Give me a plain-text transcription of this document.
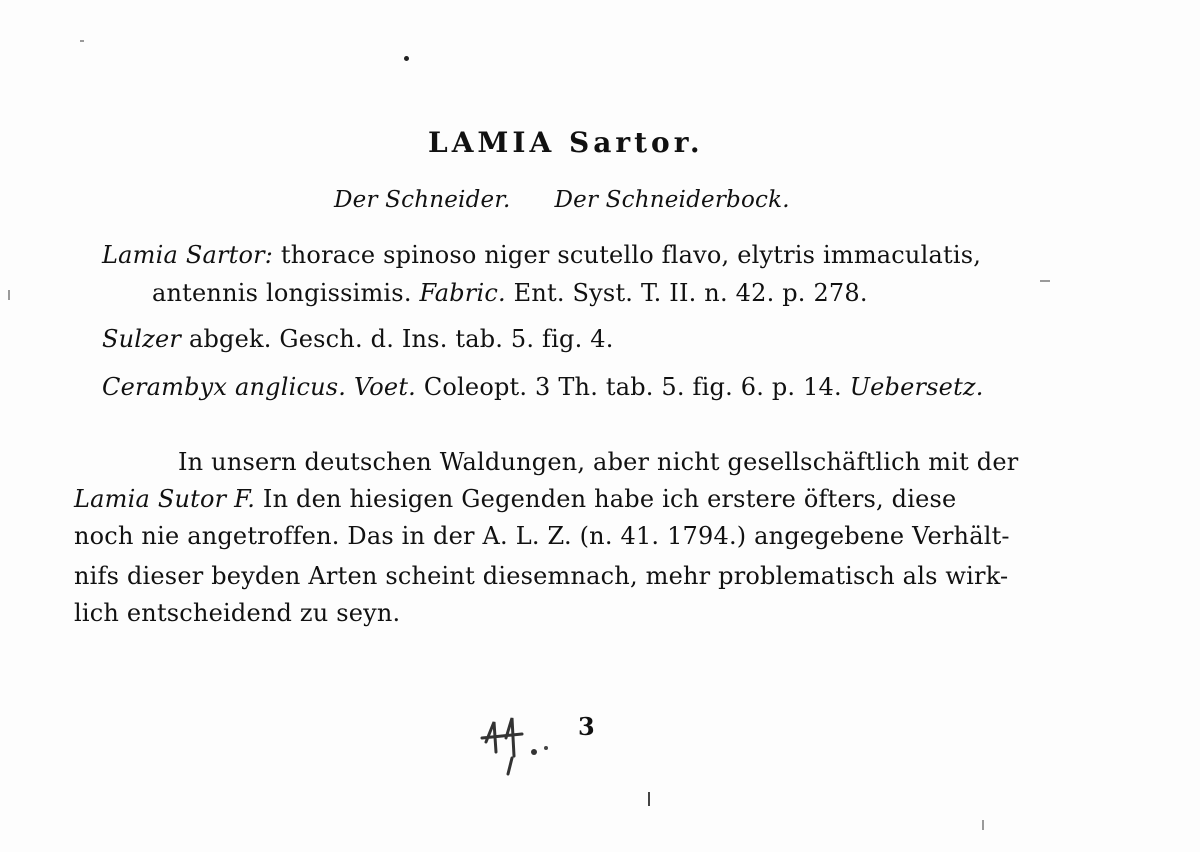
LAMIA Sartor.
Der Schneider. Der Schneiderbock.
Lamia Sartor: thorace spinoso niger scutello flavo, elytris immaculatis,
antennis longissimis. Fabric. Ent. Syst. T. II. n. 42. p. 278.
Sulzer abgek. Gesch. d. Ins. tab. 5. fig. 4.
Cerambyx anglicus. Voet. Coleopt. 3 Th. tab. 5. fig. 6. p. 14. Uebersetz.
In unsern deutschen Waldungen, aber nicht gesellschäftlich mit der
Lamia Sutor F. In den hiesigen Gegenden habe ich erstere öfters, diese
noch nie angetroffen. Das in der A. L. Z. (n. 41. 1794.) angegebene Verhält-
nifs dieser beyden Arten scheint diesemnach, mehr problematisch als wirk-
lich entscheidend zu seyn.
3
